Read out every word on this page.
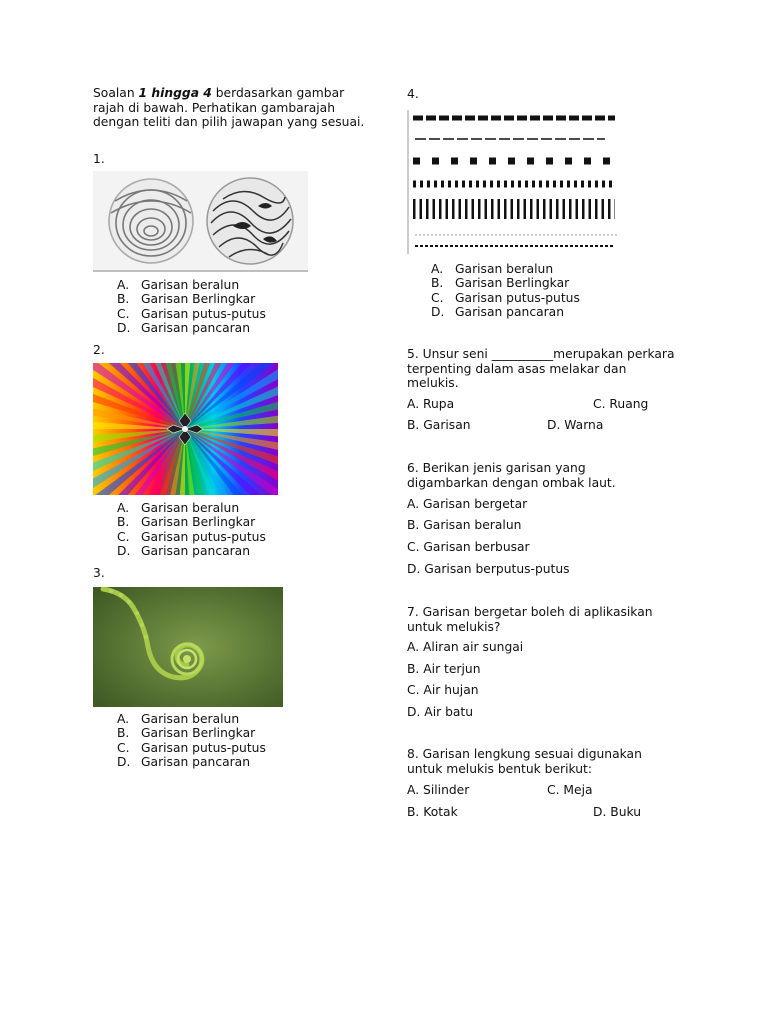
Soalan 1 hingga 4 berdasarkan gambar rajah di bawah. Perhatikan gambarajah dengan teliti dan pilih jawapan yang sesuai.
1.
A. Garisan beralun
B. Garisan Berlingkar
C. Garisan putus-putus
D. Garisan pancaran
2.
A. Garisan beralun
B. Garisan Berlingkar
C. Garisan putus-putus
D. Garisan pancaran
3.
A. Garisan beralun
B. Garisan Berlingkar
C. Garisan putus-putus
D. Garisan pancaran
4.
A. Garisan beralun
B. Garisan Berlingkar
C. Garisan putus-putus
D. Garisan pancaran
5. Unsur seni __________merupakan perkara terpenting dalam asas melakar dan melukis.
A. Rupa	C. Ruang
B. Garisan	D. Warna
6. Berikan jenis garisan yang digambarkan dengan ombak laut.
A. Garisan bergetar
B. Garisan beralun
C. Garisan berbusar
D. Garisan berputus-putus
7. Garisan bergetar boleh di aplikasikan untuk melukis?
A. Aliran air sungai
B. Air terjun
C. Air hujan
D. Air batu
8. Garisan lengkung sesuai digunakan untuk melukis bentuk berikut:
A. Silinder	C. Meja
B. Kotak	D. Buku
